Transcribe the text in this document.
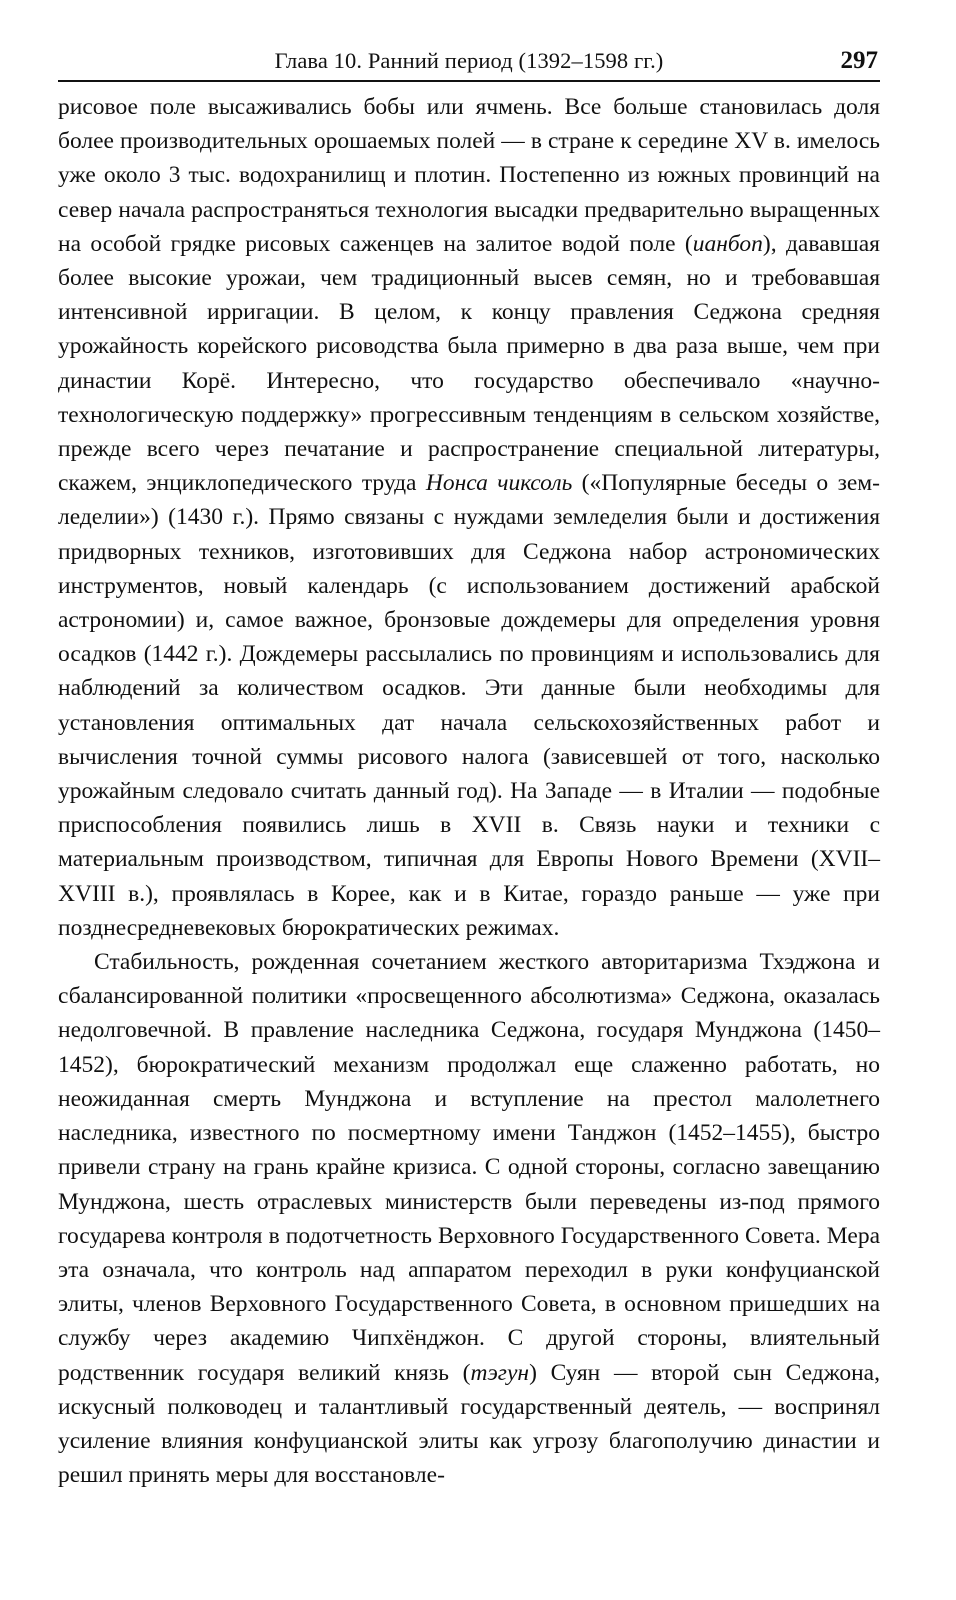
Глава 10. Ранний период (1392–1598 гг.)	297

рисовое поле высаживались бобы или ячмень. Все больше становилась доля более производительных орошаемых полей — в стране к середине XV в. имелось уже около 3 тыс. водохранилищ и плотин. Постепенно из южных провинций на север начала распространяться технология высадки предварительно выращенных на особой грядке рисовых саженцев на залитое водой поле (ианбоп), дававшая более высокие урожаи, чем традиционный высев семян, но и требовавшая интенсивной ирригации. В целом, к концу правления Седжона средняя урожайность корейского рисоводства была примерно в два раза выше, чем при династии Корё. Интересно, что государство обеспечивало «научно-технологическую поддержку» прогрессивным тенденциям в сельском хозяйстве, прежде всего через печатание и распространение специальной литературы, скажем, энциклопедического труда Нонса чиксоль («Популярные беседы о земледелии») (1430 г.). Прямо связаны с нуждами земледелия были и достижения придворных техников, изготовивших для Седжона набор астрономических инструментов, новый календарь (с использованием достижений арабской астрономии) и, самое важное, бронзовые дождемеры для определения уровня осадков (1442 г.). Дождемеры рассылались по провинциям и использовались для наблюдений за количеством осадков. Эти данные были необходимы для установления оптимальных дат начала сельскохозяйственных работ и вычисления точной суммы рисового налога (зависевшей от того, насколько урожайным следовало считать данный год). На Западе — в Италии — подобные приспособления появились лишь в XVII в. Связь науки и техники с материальным производством, типичная для Европы Нового Времени (XVII–XVIII в.), проявлялась в Корее, как и в Китае, гораздо раньше — уже при позднесредневековых бюрократических режимах.

Стабильность, рожденная сочетанием жесткого авторитаризма Тхэджона и сбалансированной политики «просвещенного абсолютизма» Седжона, оказалась недолговечной. В правление наследника Седжона, государя Мунджона (1450–1452), бюрократический механизм продолжал еще слаженно работать, но неожиданная смерть Мунджона и вступление на престол малолетнего наследника, известного по посмертному имени Танджон (1452–1455), быстро привели страну на грань крайне кризиса. С одной стороны, согласно завещанию Мунджона, шесть отраслевых министерств были переведены из-под прямого государева контроля в подотчетность Верховного Государственного Совета. Мера эта означала, что контроль над аппаратом переходил в руки конфуцианской элиты, членов Верховного Государственного Совета, в основном пришедших на службу через академию Чипхёнджон. С другой стороны, влиятельный родственник государя великий князь (тэгун) Суян — второй сын Седжона, искусный полководец и талантливый государственный деятель, — воспринял усиление влияния конфуцианской элиты как угрозу благополучию династии и решил принять меры для восстановле-
